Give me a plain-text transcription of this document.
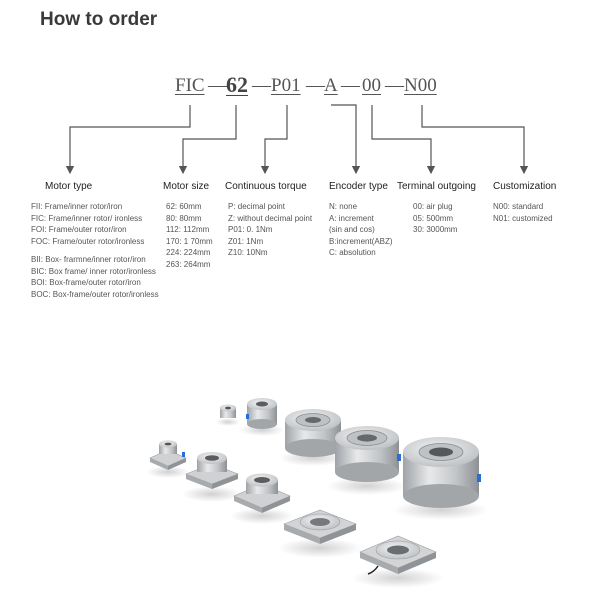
How to order
FIC — 62 — P01 — A — 00 — N00
Motor type
FII: Frame/inner rotor/iron
FIC: Frame/inner rotor/ ironless
FOI: Frame/outer rotor/iron
FOC: Frame/outer rotor/ironless
BII: Box- frarmne/inner rotor/iron
BIC: Box frame/ inner rotor/ironless
BOI: Box-frame/outer rotor/iron
BOC: Box-frame/outer rotor/ironless
Motor size
62: 60mm
80: 80mm
112: 112mm
170: 1 70mm
224: 224mm
263: 264mm
Continuous torque
P: decimal point
Z: without decimal point
P01: 0. 1Nm
Z01: 1Nm
Z10: 10Nm
Encoder type
N: none
A: increment
(sin and cos)
B:increment(ABZ)
C: absolution
Terminal outgoing
00: air plug
05: 500mm
30: 3000mm
Customization
N00: standard
N01: customized
